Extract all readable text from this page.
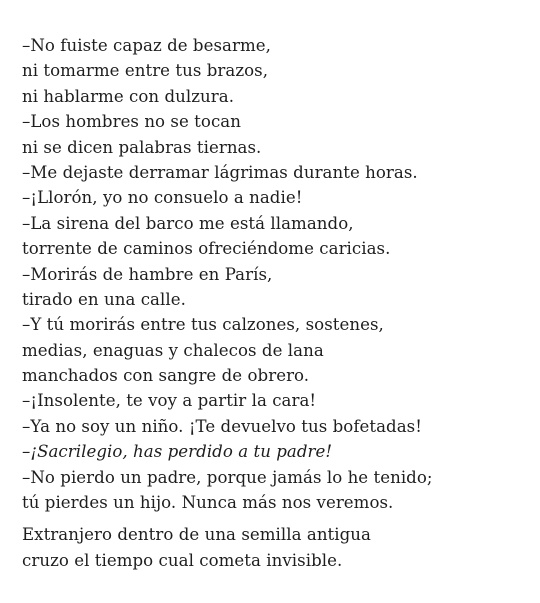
–No fuiste capaz de besarme,
ni tomarme entre tus brazos,
ni hablarme con dulzura.
–Los hombres no se tocan
ni se dicen palabras tiernas.
–Me dejaste derramar lágrimas durante horas.
–¡Llorón, yo no consuelo a nadie!
–La sirena del barco me está llamando,
torrente de caminos ofreciéndome caricias.
–Morirás de hambre en París,
tirado en una calle.
–Y tú morirás entre tus calzones, sostenes,
medias, enaguas y chalecos de lana
manchados con sangre de obrero.
–¡Insolente, te voy a partir la cara!
–Ya no soy un niño. ¡Te devuelvo tus bofetadas!
–¡Sacrilegio, has perdido a tu padre!
–No pierdo un padre, porque jamás lo he tenido;
tú pierdes un hijo. Nunca más nos veremos.
Extranjero dentro de una semilla antigua
cruzo el tiempo cual cometa invisible.
